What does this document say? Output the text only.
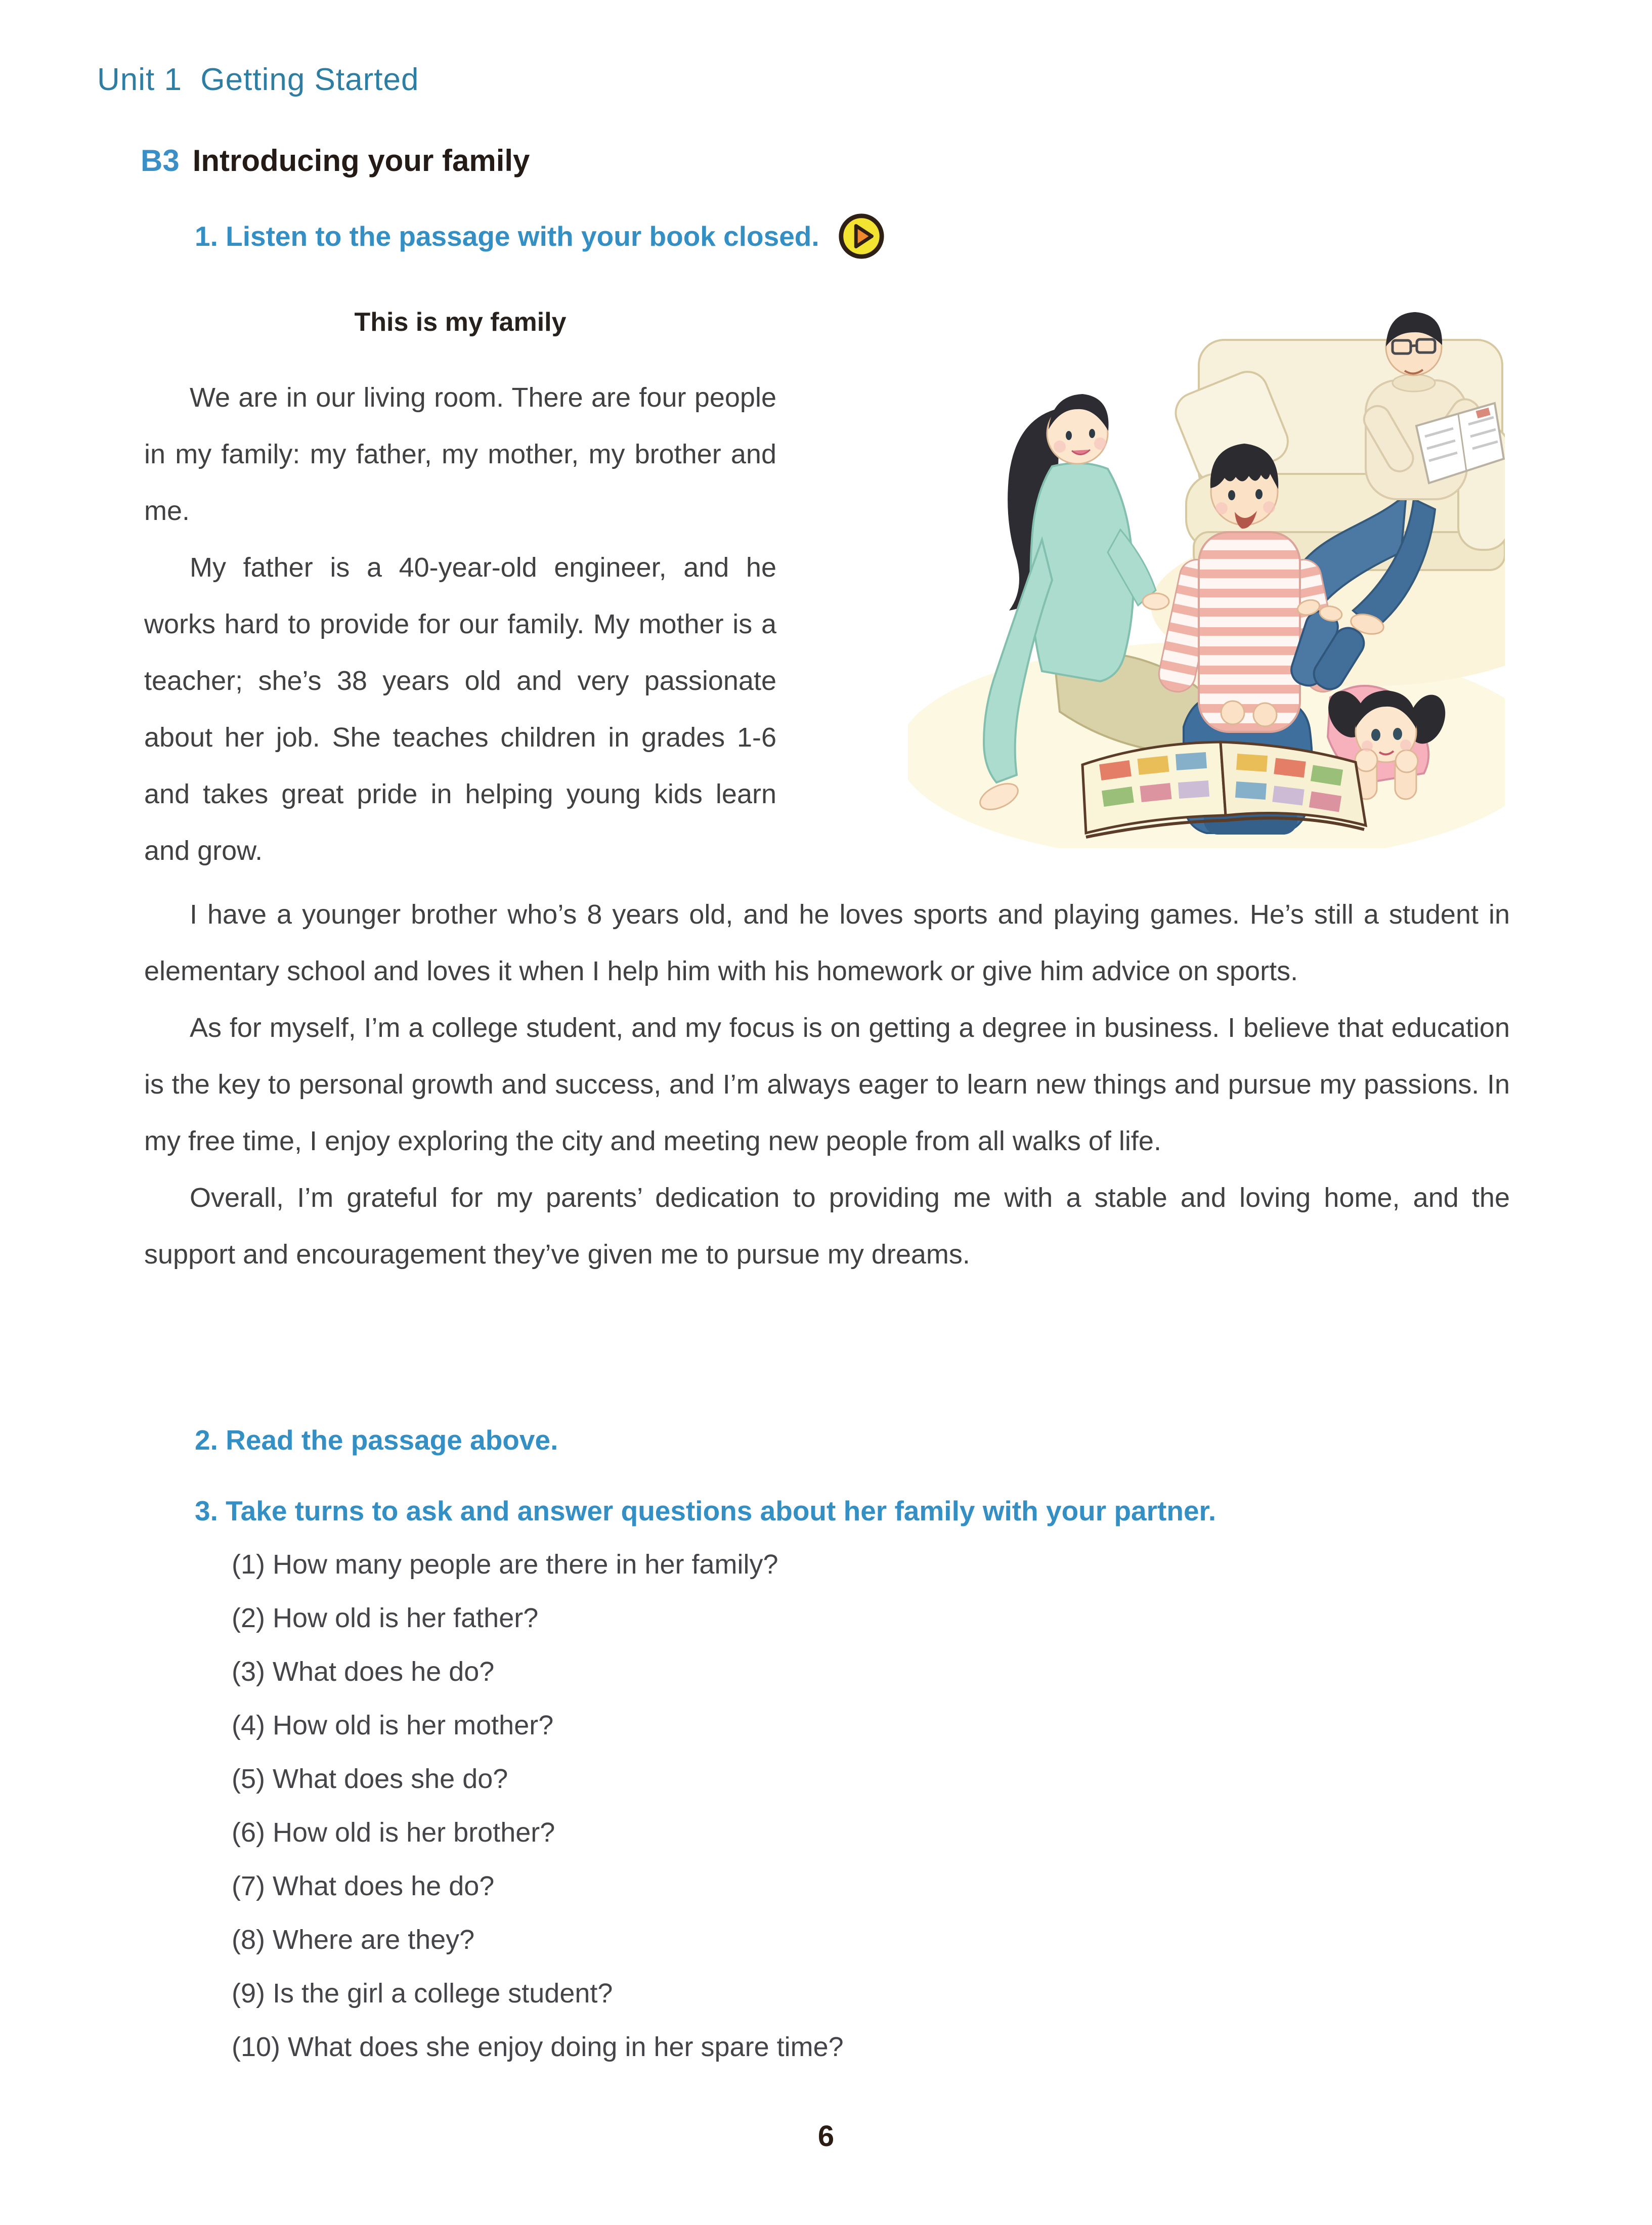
Unit 1  Getting Started
B3 Introducing your family
1. Listen to the passage with your book closed.
This is my family

We are in our living room. There are four people in my family: my father, my mother, my brother and me.

My father is a 40-year-old engineer, and he works hard to provide for our family. My mother is a teacher; she’s 38 years old and very passionate about her job. She teaches children in grades 1-6 and takes great pride in helping young kids learn and grow.

I have a younger brother who’s 8 years old, and he loves sports and playing games. He’s still a student in elementary school and loves it when I help him with his homework or give him advice on sports.

As for myself, I’m a college student, and my focus is on getting a degree in business. I believe that education is the key to personal growth and success, and I’m always eager to learn new things and pursue my passions. In my free time, I enjoy exploring the city and meeting new people from all walks of life.

Overall, I’m grateful for my parents’ dedication to providing me with a stable and loving home, and the support and encouragement they’ve given me to pursue my dreams.

2. Read the passage above.
3. Take turns to ask and answer questions about her family with your partner.

(1) How many people are there in her family?

(2) How old is her father?

(3) What does he do?

(4) How old is her mother?

(5) What does she do?

(6) How old is her brother?

(7) What does he do?

(8) Where are they?

(9) Is the girl a college student?

(10) What does she enjoy doing in her spare time?

6
